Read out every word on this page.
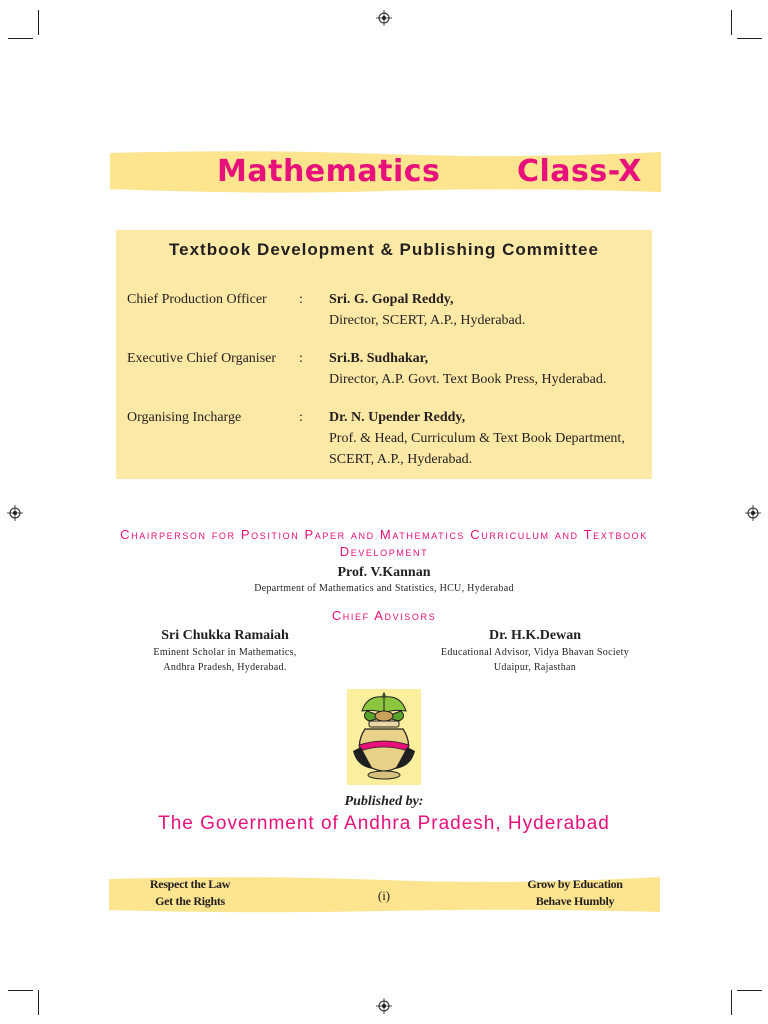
Mathematics	Class-X
Textbook Development & Publishing Committee
Chief Production Officer : Sri. G. Gopal Reddy,
Director, SCERT, A.P., Hyderabad.
Executive Chief Organiser : Sri.B. Sudhakar,
Director, A.P. Govt. Text Book Press, Hyderabad.
Organising Incharge	: Dr. N. Upender Reddy,
Prof. & Head, Curriculum & Text Book Department,
SCERT, A.P., Hyderabad.
Chairperson for Position Paper and Mathematics Curriculum and Textbook
Development
Prof. V.Kannan
Department of Mathematics and Statistics, HCU, Hyderabad
Chief Advisors
Sri Chukka Ramaiah
Eminent Scholar in Mathematics,
Andhra Pradesh, Hyderabad.
Dr. H.K.Dewan
Educational Advisor, Vidya Bhavan Society
Udaipur, Rajasthan
Published by:
The Government of Andhra Pradesh, Hyderabad
Respect the Law
Get the Rights	(i)
Grow by Education
Behave Humbly
